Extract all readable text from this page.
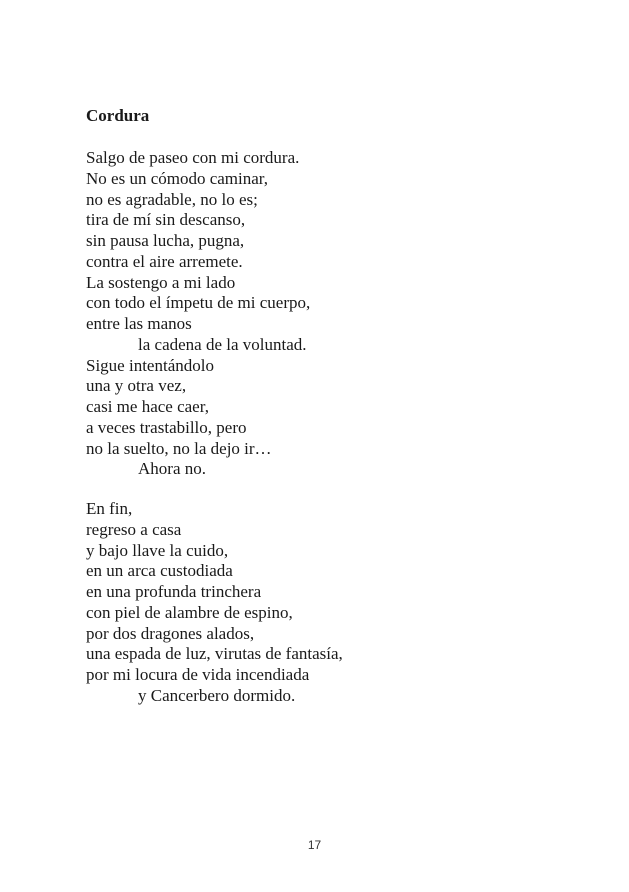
Cordura
Salgo de paseo con mi cordura.
No es un cómodo caminar,
no es agradable, no lo es;
tira de mí sin descanso,
sin pausa lucha, pugna,
contra el aire arremete.
La sostengo a mi lado
con todo el ímpetu de mi cuerpo,
entre las manos
la cadena de la voluntad.
Sigue intentándolo
una y otra vez,
casi me hace caer,
a veces trastabillo, pero
no la suelto, no la dejo ir…
Ahora no.
En fin,
regreso a casa
y bajo llave la cuido,
en un arca custodiada
en una profunda trinchera
con piel de alambre de espino,
por dos dragones alados,
una espada de luz, virutas de fantasía,
por mi locura de vida incendiada
y Cancerbero dormido.
17
